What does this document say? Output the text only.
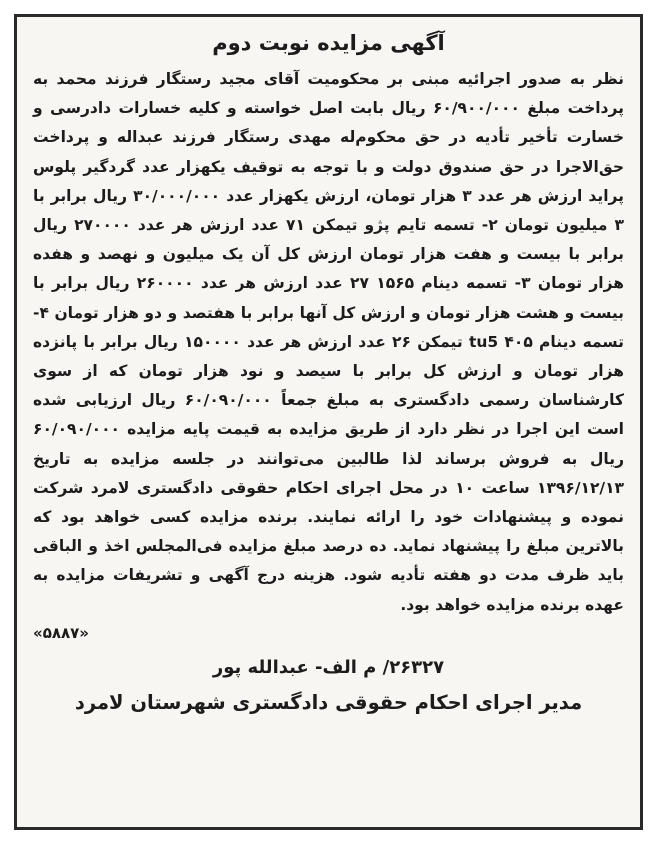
آگهی مزایده نوبت دوم

نظر به صدور اجرائیه مبنی بر محکومیت آقای مجید رستگار فرزند محمد به پرداخت مبلغ ۶۰/۹۰۰/۰۰۰ ریال بابت اصل خواسته و کلیه خسارات دادرسی و خسارت تأخیر تأدیه در حق محکوم‌له مهدی رستگار فرزند عبداله و پرداخت حق‌الاجرا در حق صندوق دولت و با توجه به توقیف یکهزار عدد گردگیر پلوس پراید ارزش هر عدد ۳ هزار تومان، ارزش یکهزار عدد ۳۰/۰۰۰/۰۰۰ ریال برابر با ۳ میلیون تومان ۲- تسمه تایم پژو تیمکن ۷۱ عدد ارزش هر عدد ۲۷۰۰۰۰ ریال برابر با بیست و هفت هزار تومان ارزش کل آن یک میلیون و نهصد و هفده هزار تومان ۳- تسمه دینام ۱۵۶۵ ۲۷ عدد ارزش هر عدد ۲۶۰۰۰۰ ریال برابر با بیست و هشت هزار تومان و ارزش کل آنها برابر با هفتصد و دو هزار تومان ۴- تسمه دینام tu5 ۴۰۵ تیمکن ۲۶ عدد ارزش هر عدد ۱۵۰۰۰۰ ریال برابر با پانزده هزار تومان و ارزش کل برابر با سیصد و نود هزار تومان که از سوی کارشناسان رسمی دادگستری به مبلغ جمعاً ۶۰/۰۹۰/۰۰۰ ریال ارزیابی شده است این اجرا در نظر دارد از طریق مزایده به قیمت پایه مزایده ۶۰/۰۹۰/۰۰۰ ریال به فروش برساند لذا طالبین می‌توانند در جلسه مزایده به تاریخ ۱۳۹۶/۱۲/۱۳ ساعت ۱۰ در محل اجرای احکام حقوقی دادگستری لامرد شرکت نموده و پیشنهادات خود را ارائه نمایند. برنده مزایده کسی خواهد بود که بالاترین مبلغ را پیشنهاد نماید. ده درصد مبلغ مزایده فی‌المجلس اخذ و الباقی باید ظرف مدت دو هفته تأدیه شود. هزینه درج آگهی و تشریفات مزایده به عهده برنده مزایده خواهد بود.

«۵۸۸۷»
۲۶۳۲۷/ م الف- عبدالله پور
مدیر اجرای احکام حقوقی دادگستری شهرستان لامرد
